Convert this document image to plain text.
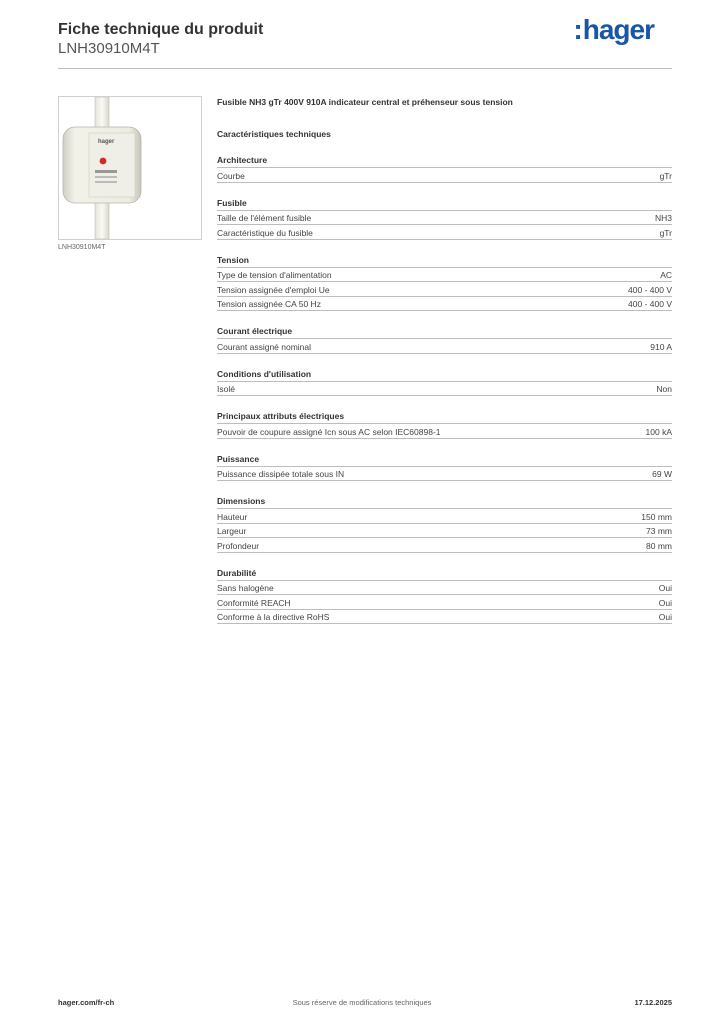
Fiche technique du produit
LNH30910M4T
:hager
hager
LNH30910M4T
Fusible NH3 gTr 400V 910A indicateur central et préhenseur sous tension
Caractéristiques techniques
Architecture
Courbe	gTr
Fusible
Taille de l'élément fusible	NH3
Caractéristique du fusible	gTr
Tension
Type de tension d'alimentation	AC
Tension assignée d'emploi Ue	400 - 400 V
Tension assignée CA 50 Hz	400 - 400 V
Courant électrique
Courant assigné nominal	910 A
Conditions d'utilisation
Isolé	Non
Principaux attributs électriques
Pouvoir de coupure assigné Icn sous AC selon IEC60898-1	100 kA
Puissance
Puissance dissipée totale sous IN	69 W
Dimensions
Hauteur	150 mm
Largeur	73 mm
Profondeur	80 mm
Durabilité
Sans halogène	Oui
Conformité REACH	Oui
Conforme à la directive RoHS	Oui
hager.com/fr-ch	Sous réserve de modifications techniques	17.12.2025
